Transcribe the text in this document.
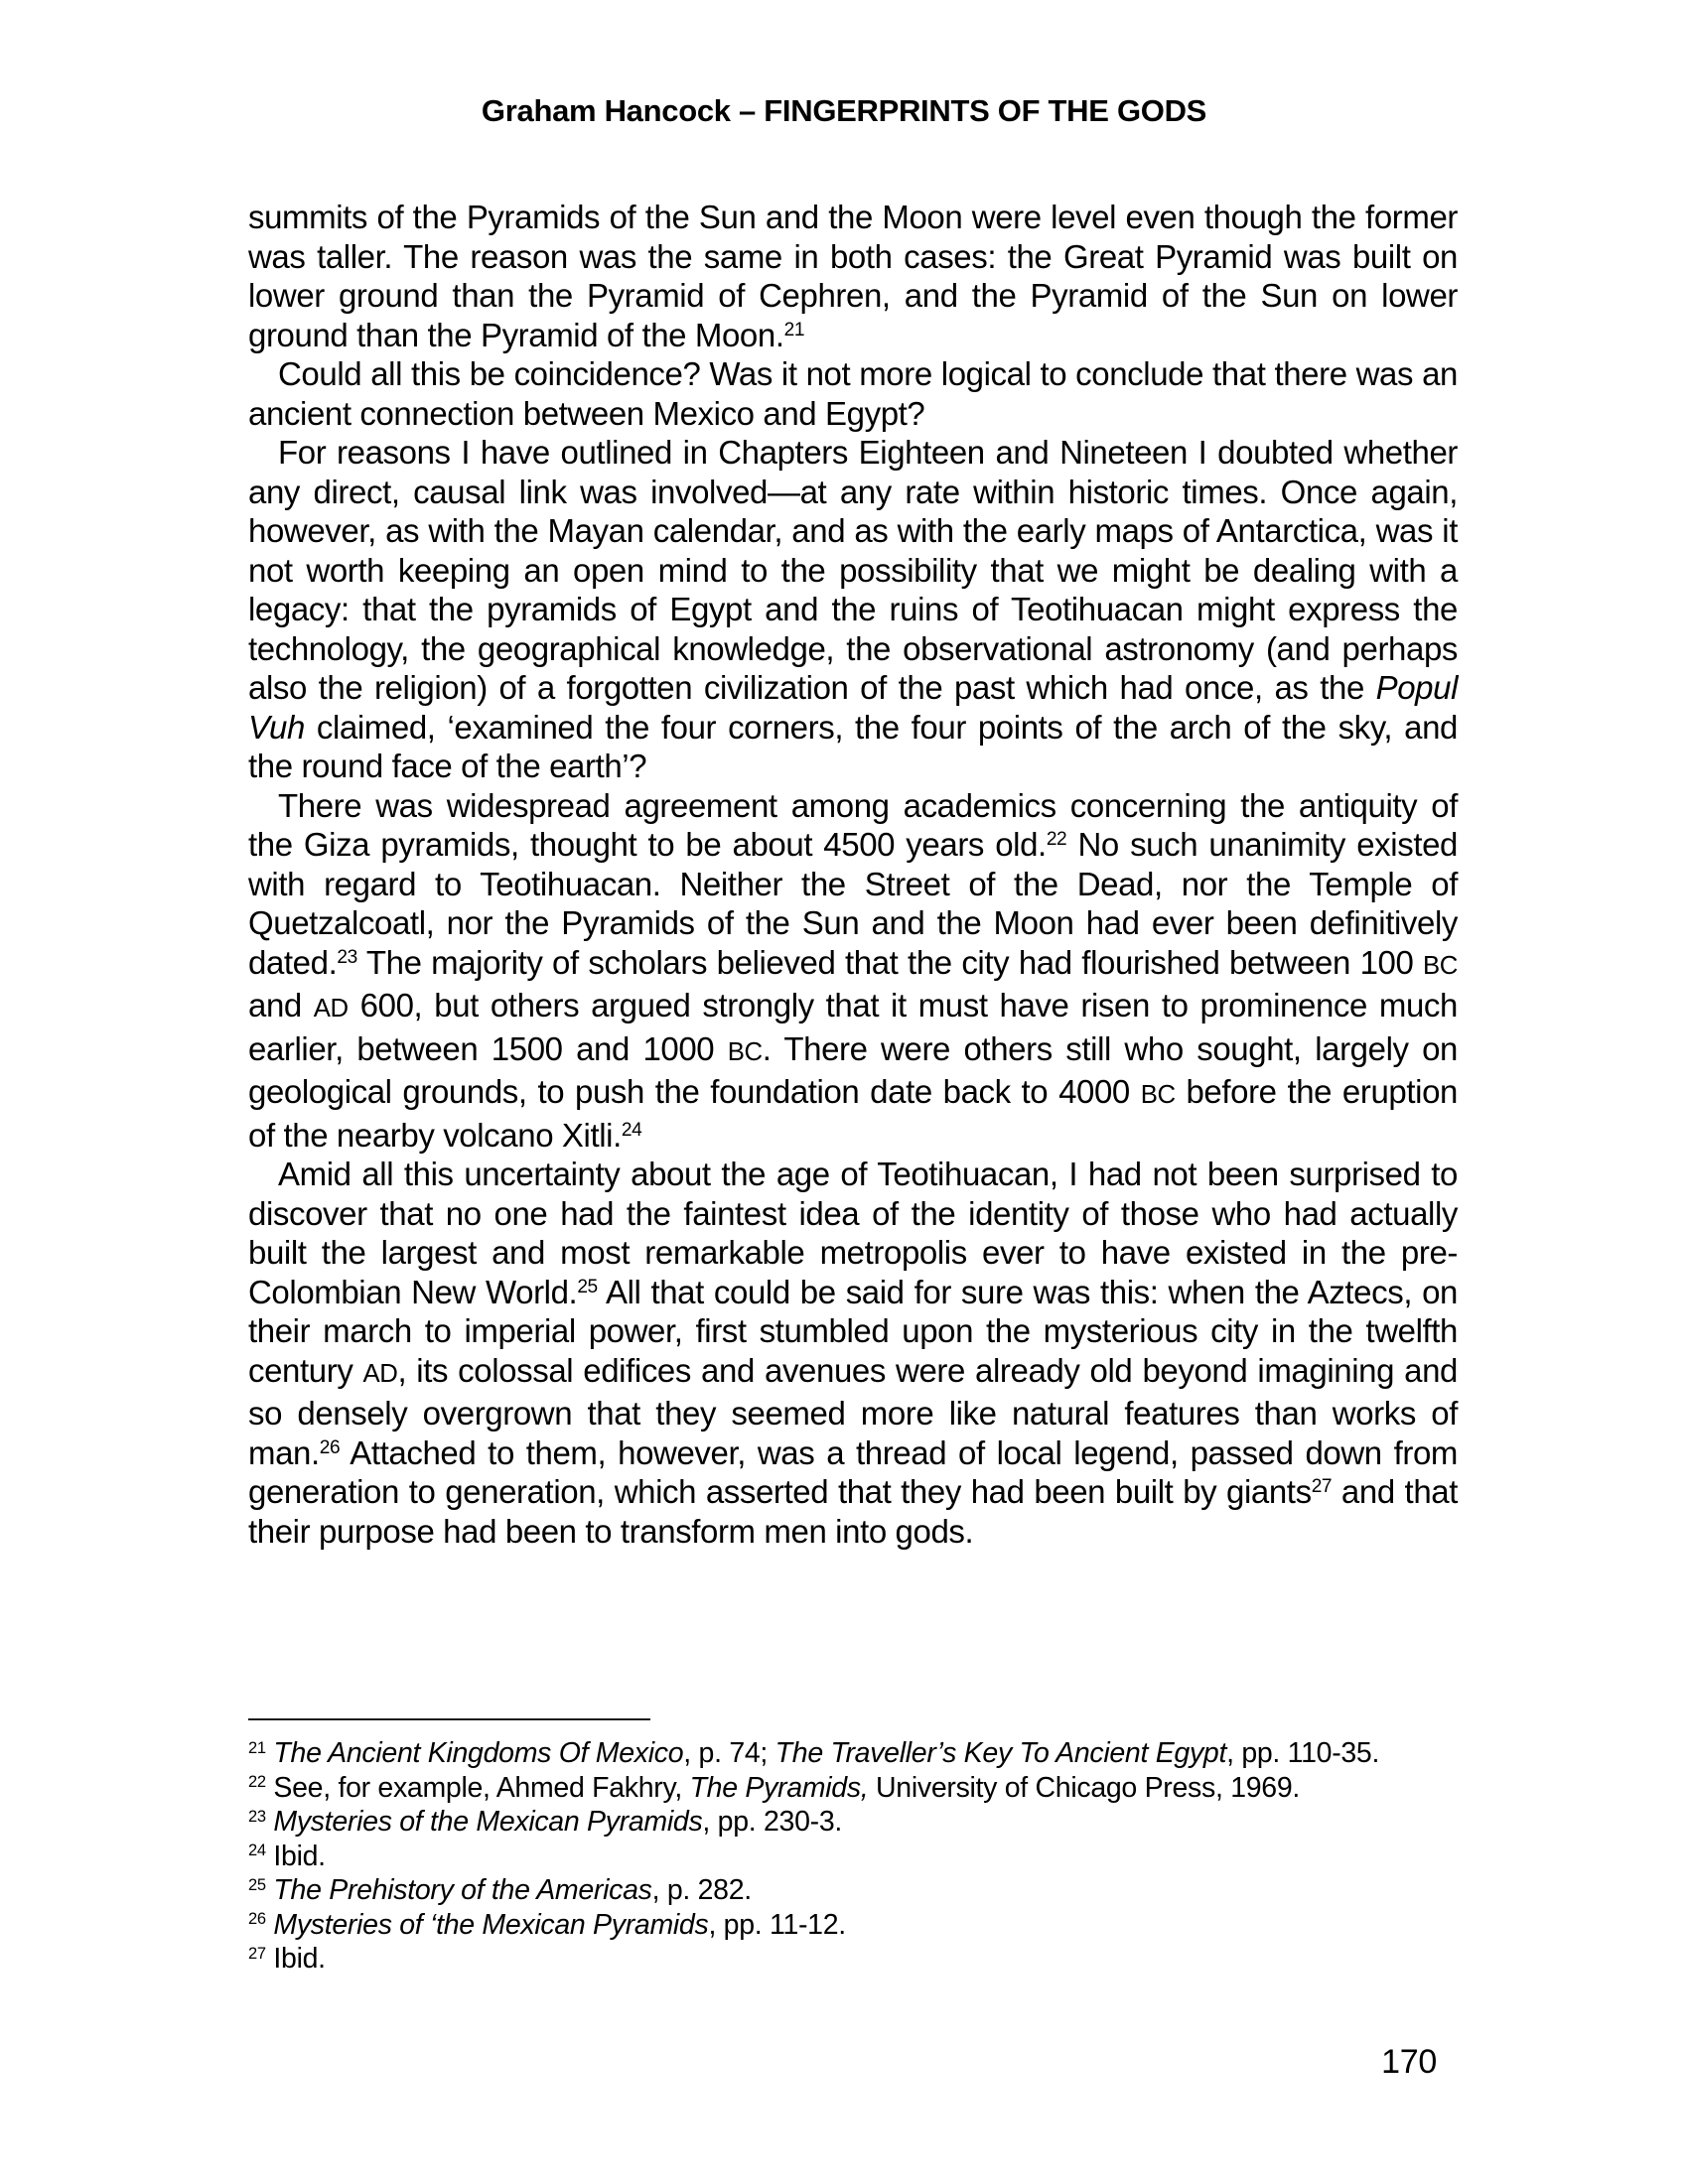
Graham Hancock – FINGERPRINTS OF THE GODS

summits of the Pyramids of the Sun and the Moon were level even though the former was taller. The reason was the same in both cases: the Great Pyramid was built on lower ground than the Pyramid of Cephren, and the Pyramid of the Sun on lower ground than the Pyramid of the Moon.$^{21}$

Could all this be coincidence? Was it not more logical to conclude that there was an ancient connection between Mexico and Egypt?

For reasons I have outlined in Chapters Eighteen and Nineteen I doubted whether any direct, causal link was involved—at any rate within historic times. Once again, however, as with the Mayan calendar, and as with the early maps of Antarctica, was it not worth keeping an open mind to the possibility that we might be dealing with a legacy: that the pyramids of Egypt and the ruins of Teotihuacan might express the technology, the geographical knowledge, the observational astronomy (and perhaps also the religion) of a forgotten civilization of the past which had once, as the Popul Vuh claimed, ‘examined the four corners, the four points of the arch of the sky, and the round face of the earth’?

There was widespread agreement among academics concerning the antiquity of the Giza pyramids, thought to be about 4500 years old.$^{22}$ No such unanimity existed with regard to Teotihuacan. Neither the Street of the Dead, nor the Temple of Quetzalcoatl, nor the Pyramids of the Sun and the Moon had ever been definitively dated.$^{23}$ The majority of scholars believed that the city had flourished between 100 BC and AD 600, but others argued strongly that it must have risen to prominence much earlier, between 1500 and 1000 BC. There were others still who sought, largely on geological grounds, to push the foundation date back to 4000 BC before the eruption of the nearby volcano Xitli.$^{24}$

Amid all this uncertainty about the age of Teotihuacan, I had not been surprised to discover that no one had the faintest idea of the identity of those who had actually built the largest and most remarkable metropolis ever to have existed in the pre-Colombian New World.$^{25}$ All that could be said for sure was this: when the Aztecs, on their march to imperial power, first stumbled upon the mysterious city in the twelfth century AD, its colossal edifices and avenues were already old beyond imagining and so densely overgrown that they seemed more like natural features than works of man.$^{26}$ Attached to them, however, was a thread of local legend, passed down from generation to generation, which asserted that they had been built by giants$^{27}$ and that their purpose had been to transform men into gods.

$^{21}$ The Ancient Kingdoms Of Mexico, p. 74; The Traveller’s Key To Ancient Egypt, pp. 110-35.

$^{22}$ See, for example, Ahmed Fakhry, The Pyramids, University of Chicago Press, 1969.

$^{23}$ Mysteries of the Mexican Pyramids, pp. 230-3.

$^{24}$ Ibid.

$^{25}$ The Prehistory of the Americas, p. 282.

$^{26}$ Mysteries of ‘the Mexican Pyramids, pp. 11-12.

$^{27}$ Ibid.

170
